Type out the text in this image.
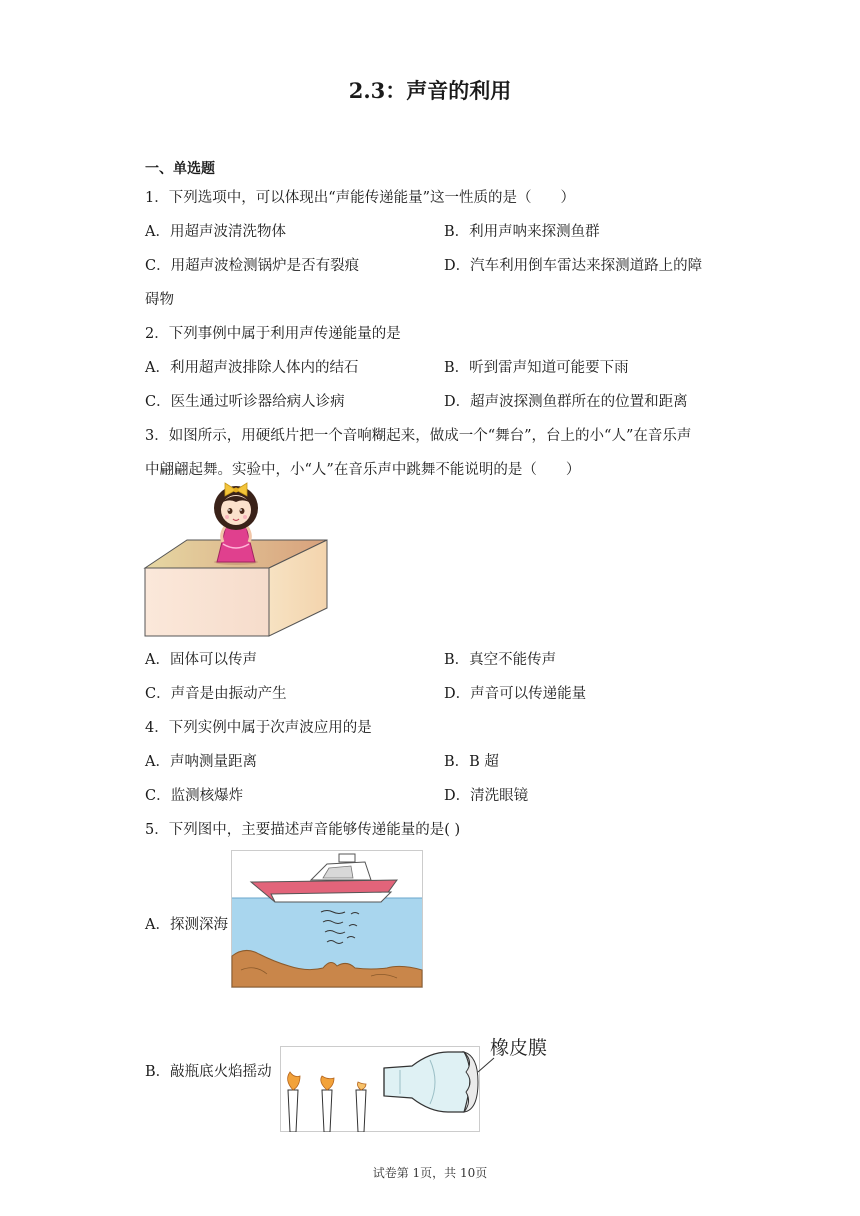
2.3：声音的利用
一、单选题
1．下列选项中，可以体现出“声能传递能量”这一性质的是（　　）
A．用超声波清洗物体	B．利用声呐来探测鱼群
C．用超声波检测锅炉是否有裂痕	D．汽车利用倒车雷达来探测道路上的障
碍物
2．下列事例中属于利用声传递能量的是
A．利用超声波排除人体内的结石	B．听到雷声知道可能要下雨
C．医生通过听诊器给病人诊病	D．超声波探测鱼群所在的位置和距离
3．如图所示，用硬纸片把一个音响糊起来，做成一个“舞台”，台上的小“人”在音乐声
中翩翩起舞。实验中，小“人”在音乐声中跳舞不能说明的是（　　）
A．固体可以传声	B．真空不能传声
C．声音是由振动产生	D．声音可以传递能量
4．下列实例中属于次声波应用的是
A．声呐测量距离	B．B 超
C．监测核爆炸	D．清洗眼镜
5．下列图中，主要描述声音能够传递能量的是( )
A．探测深海
橡皮膜
B．敲瓶底火焰摇动
试卷第 1页，共 10页
